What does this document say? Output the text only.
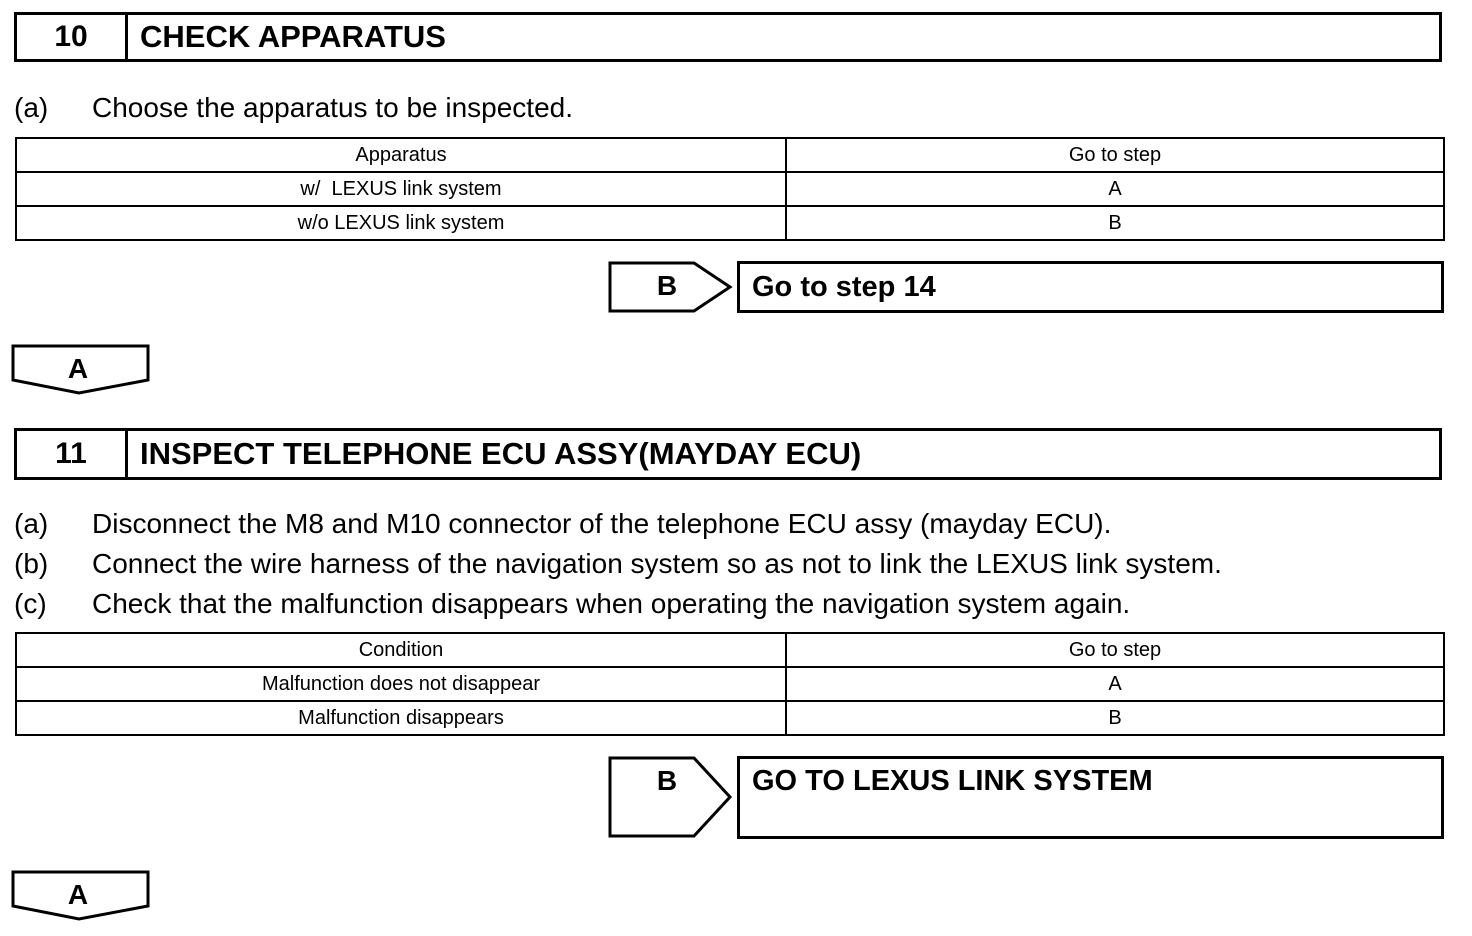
10	CHECK APPARATUS
(a) Choose the apparatus to be inspected.
Apparatus	Go to step
w/  LEXUS link system	A
w/o LEXUS link system	B
B	Go to step 14
A
11	INSPECT TELEPHONE ECU ASSY(MAYDAY ECU)
(a) Disconnect the M8 and M10 connector of the telephone ECU assy (mayday ECU).
(b) Connect the wire harness of the navigation system so as not to link the LEXUS link system.
(c) Check that the malfunction disappears when operating the navigation system again.
Condition	Go to step
Malfunction does not disappear	A
Malfunction disappears	B
B	GO TO LEXUS LINK SYSTEM
A
